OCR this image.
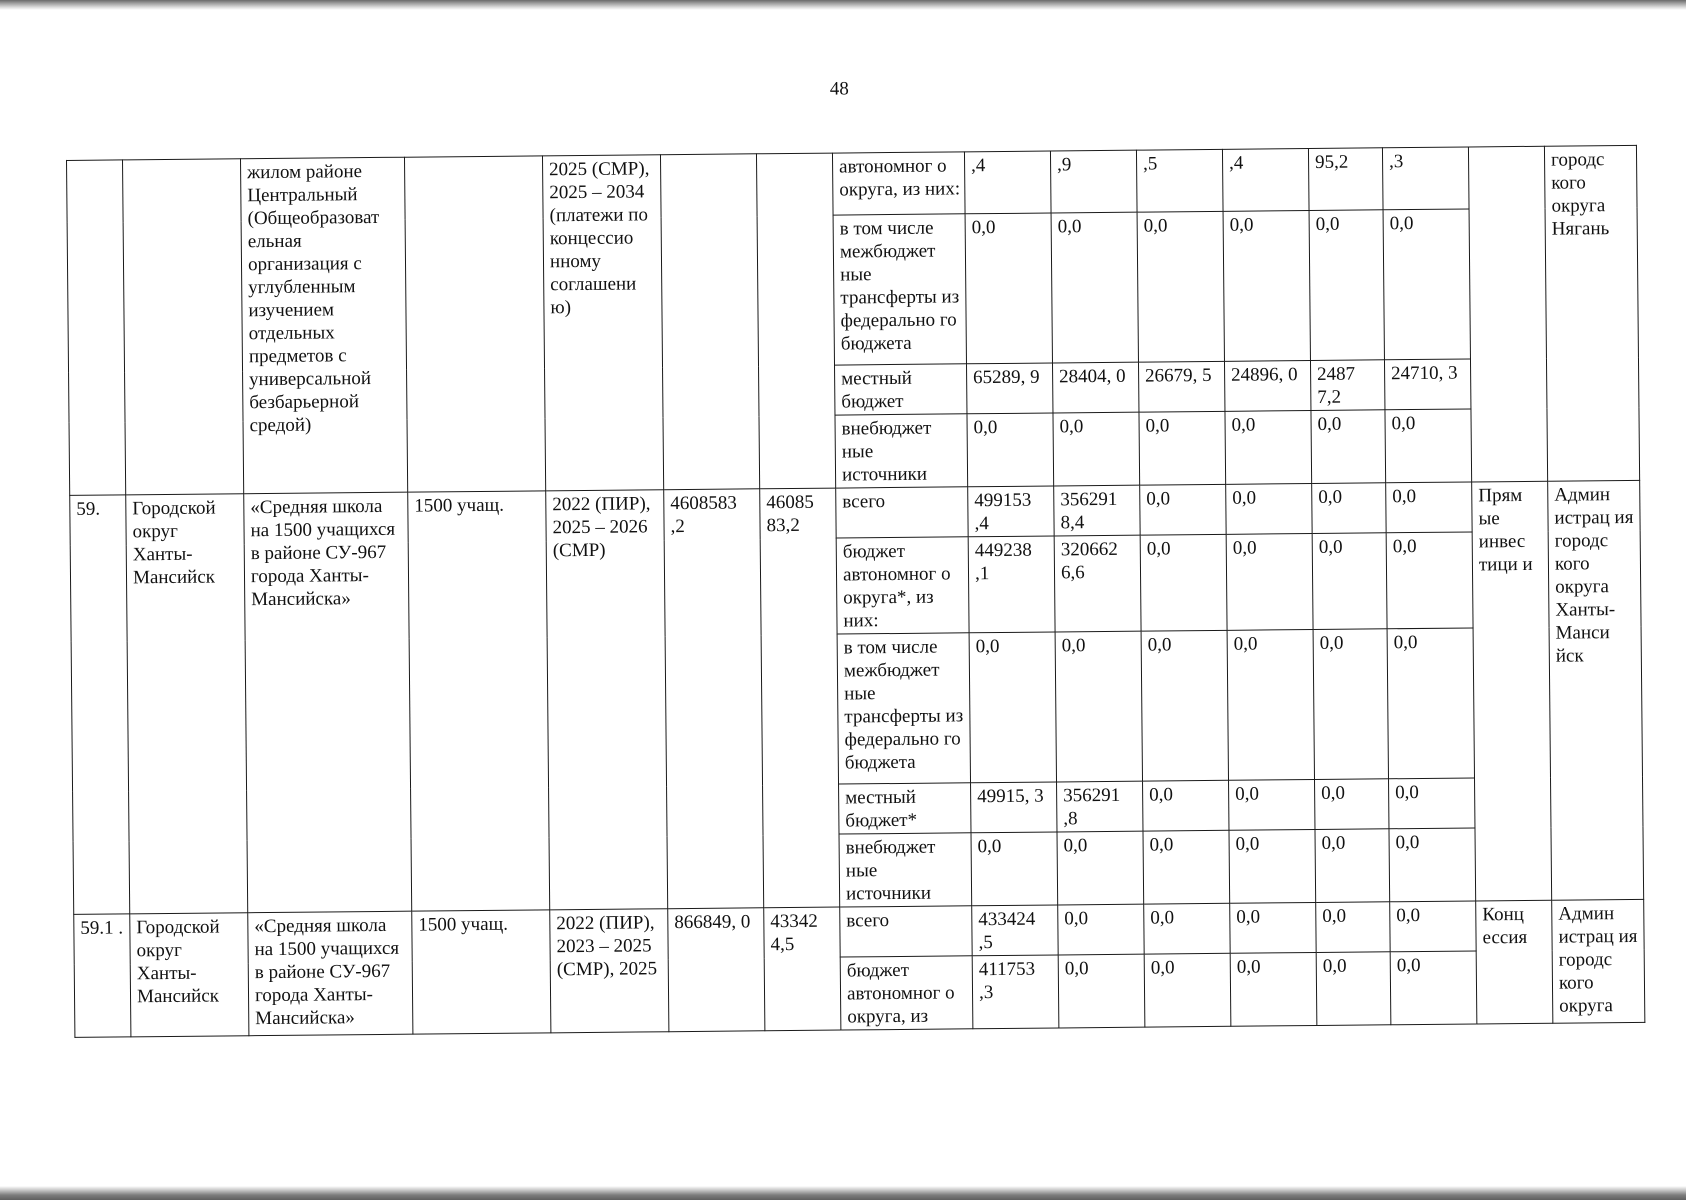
48
		жилом районе Центральный (Общеобразоват ельная организация с углубленным изучением отдельных предметов с универсальной безбарьерной средой)		2025 (СМР), 2025 – 2034 (платежи по концессио нному соглашени ю)			автономног о округа, из них:	,4	,9	,5	,4	95,2	,3		городс кого округа Нягань
							в том числе межбюджет ные трансферты из федерально го бюджета	0,0	0,0	0,0	0,0	0,0	0,0		
							местный бюджет	65289, 9	28404, 0	26679, 5	24896, 0	2487 7,2	24710, 3		
							внебюджет ные источники	0,0	0,0	0,0	0,0	0,0	0,0		
59.	Городской округ Ханты-Мансийск	«Средняя школа на 1500 учащихся в районе СУ-967 города Ханты-Мансийска»	1500 учащ.	2022 (ПИР), 2025 – 2026 (СМР)	4608583 ,2	46085 83,2	всего	499153 ,4	356291 8,4	0,0	0,0	0,0	0,0	Прям ые инвес тици и	Админ истрац ия городс кого округа Ханты-Манси йск
							бюджет автономног о округа*, из них:	449238 ,1	320662 6,6	0,0	0,0	0,0	0,0		
							в том числе межбюджет ные трансферты из федерально го бюджета	0,0	0,0	0,0	0,0	0,0	0,0		
							местный бюджет*	49915, 3	356291 ,8	0,0	0,0	0,0	0,0		
							внебюджет ные источники	0,0	0,0	0,0	0,0	0,0	0,0		
59.1 .	Городской округ Ханты-Мансийск	«Средняя школа на 1500 учащихся в районе СУ-967 города Ханты-Мансийска»	1500 учащ.	2022 (ПИР), 2023 – 2025 (СМР), 2025	866849, 0	43342 4,5	всего	433424 ,5	0,0	0,0	0,0	0,0	0,0	Конц ессия	Админ истрац ия городс кого округа
							бюджет автономног о округа, из	411753 ,3	0,0	0,0	0,0	0,0	0,0		
